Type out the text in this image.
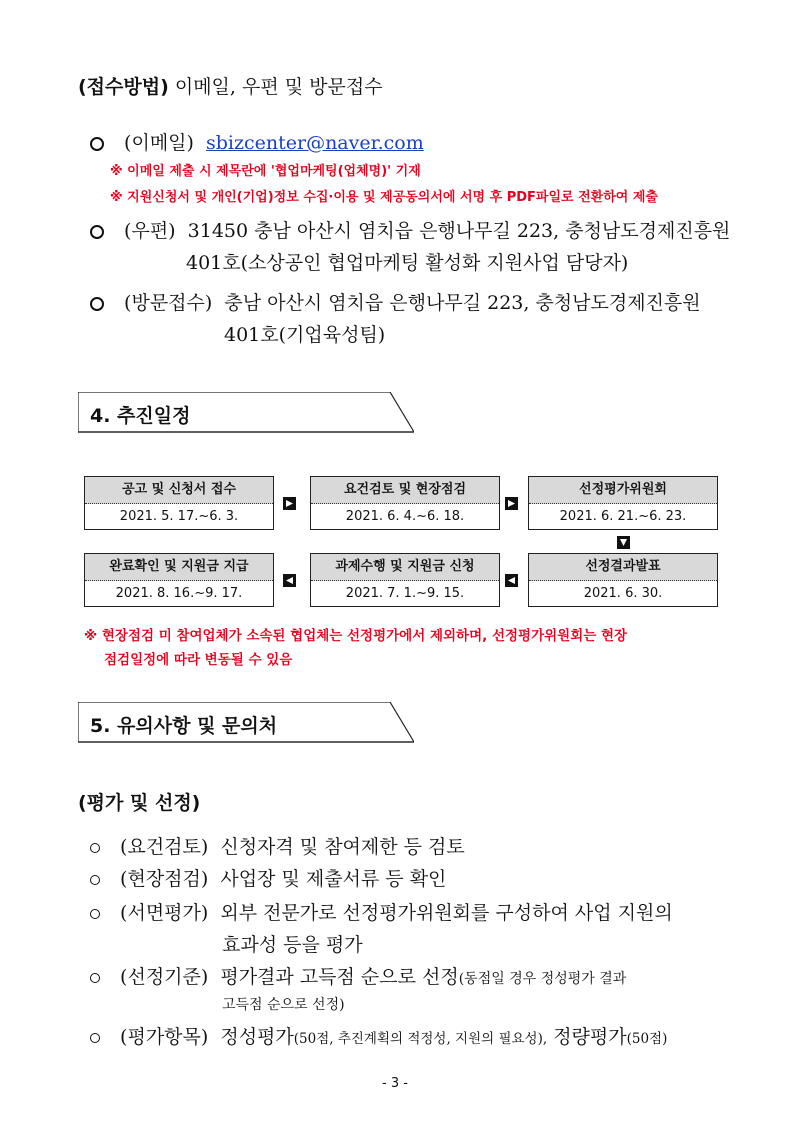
(접수방법) 이메일, 우편 및 방문접수
(이메일) sbizcenter@naver.com
※ 이메일 제출 시 제목란에 '협업마케팅(업체명)' 기재
※ 지원신청서 및 개인(기업)정보 수집·이용 및 제공동의서에 서명 후 PDF파일로 전환하여 제출
(우편) 31450 충남 아산시 염치읍 은행나무길 223, 충청남도경제진흥원
401호(소상공인 협업마케팅 활성화 지원사업 담당자)
(방문접수) 충남 아산시 염치읍 은행나무길 223, 충청남도경제진흥원
401호(기업육성팀)
4. 추진일정
공고 및 신청서 접수
2021. 5. 17.~6. 3.
요건검토 및 현장점검
2021. 6. 4.~6. 18.
선정평가위원회
2021. 6. 21.~6. 23.
완료확인 및 지원금 지급
2021. 8. 16.~9. 17.
과제수행 및 지원금 신청
2021. 7. 1.~9. 15.
선정결과발표
2021. 6. 30.
※ 현장점검 미 참여업체가 소속된 협업체는 선정평가에서 제외하며, 선정평가위원회는 현장
점검일정에 따라 변동될 수 있음
5. 유의사항 및 문의처
(평가 및 선정)
(요건검토) 신청자격 및 참여제한 등 검토
(현장점검) 사업장 및 제출서류 등 확인
(서면평가) 외부 전문가로 선정평가위원회를 구성하여 사업 지원의
효과성 등을 평가
(선정기준) 평가결과 고득점 순으로 선정(동점일 경우 정성평가 결과
고득점 순으로 선정)
(평가항목) 정성평가(50점, 추진계획의 적정성, 지원의 필요성), 정량평가(50점)
- 3 -
